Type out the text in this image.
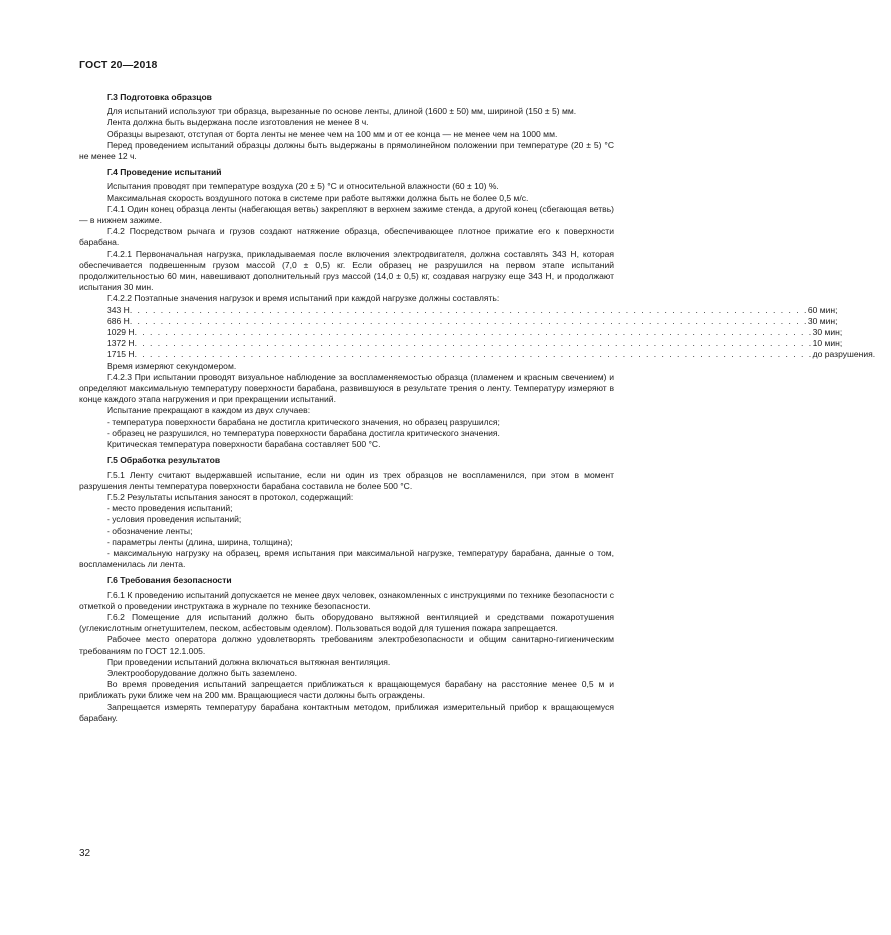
ГОСТ 20—2018
Г.3 Подготовка образцов

Для испытаний используют три образца, вырезанные по основе ленты, длиной (1600 ± 50) мм, шириной (150 ± 5) мм.

Лента должна быть выдержана после изготовления не менее 8 ч.

Образцы вырезают, отступая от борта ленты не менее чем на 100 мм и от ее конца — не менее чем на 1000 мм.

Перед проведением испытаний образцы должны быть выдержаны в прямолинейном положении при температуре (20 ± 5) °С не менее 12 ч.

Г.4 Проведение испытаний

Испытания проводят при температуре воздуха (20 ± 5) °С и относительной влажности (60 ± 10) %.

Максимальная скорость воздушного потока в системе при работе вытяжки должна быть не более 0,5 м/с.

Г.4.1 Один конец образца ленты (набегающая ветвь) закрепляют в верхнем зажиме стенда, а другой конец (сбегающая ветвь) — в нижнем зажиме.

Г.4.2 Посредством рычага и грузов создают натяжение образца, обеспечивающее плотное прижатие его к поверхности барабана.

Г.4.2.1 Первоначальная нагрузка, прикладываемая после включения электродвигателя, должна составлять 343 Н, которая обеспечивается подвешенным грузом массой (7,0 ± 0,5) кг. Если образец не разрушился на первом этапе испытаний продолжительностью 60 мин, навешивают дополнительный груз массой (14,0 ± 0,5) кг, создавая нагрузку еще 343 Н, и продолжают испытания 30 мин.

Г.4.2.2 Поэтапные значения нагрузок и время испытаний при каждой нагрузке должны составлять:

343 Н . . . . . . . . . . . . . . . . . . . . . . . . . . . . . . . . . . . . . . . . . . . . . . . . . . . . . . . . . . . . . . . . . . . . . . . . . . . . . . . . . . . . . . . . 60 мин;
686 Н . . . . . . . . . . . . . . . . . . . . . . . . . . . . . . . . . . . . . . . . . . . . . . . . . . . . . . . . . . . . . . . . . . . . . . . . . . . . . . . . . . . . . . . . 30 мин;
1029 Н . . . . . . . . . . . . . . . . . . . . . . . . . . . . . . . . . . . . . . . . . . . . . . . . . . . . . . . . . . . . . . . . . . . . . . . . . . . . . . . . . . . . . . . . 30 мин;
1372 Н . . . . . . . . . . . . . . . . . . . . . . . . . . . . . . . . . . . . . . . . . . . . . . . . . . . . . . . . . . . . . . . . . . . . . . . . . . . . . . . . . . . . . . . . 10 мин;
1715 Н . . . . . . . . . . . . . . . . . . . . . . . . . . . . . . . . . . . . . . . . . . . . . . . . . . . . . . . . . . . . . . . . . . . . . . . . . . . . . . . . . . . . . . . . до разрушения.

Время измеряют секундомером.

Г.4.2.3 При испытании проводят визуальное наблюдение за воспламеняемостью образца (пламенем и красным свечением) и определяют максимальную температуру поверхности барабана, развившуюся в результате трения о ленту. Температуру измеряют в конце каждого этапа нагружения и при прекращении испытаний.

Испытание прекращают в каждом из двух случаев:

- температура поверхности барабана не достигла критического значения, но образец разрушился;

- образец не разрушился, но температура поверхности барабана достигла критического значения.

Критическая температура поверхности барабана составляет 500 °С.

Г.5 Обработка результатов

Г.5.1 Ленту считают выдержавшей испытание, если ни один из трех образцов не воспламенился, при этом в момент разрушения ленты температура поверхности барабана составила не более 500 °С.

Г.5.2 Результаты испытания заносят в протокол, содержащий:

- место проведения испытаний;

- условия проведения испытаний;

- обозначение ленты;

- параметры ленты (длина, ширина, толщина);

- максимальную нагрузку на образец, время испытания при максимальной нагрузке, температуру барабана, данные о том, воспламенилась ли лента.

Г.6 Требования безопасности

Г.6.1 К проведению испытаний допускается не менее двух человек, ознакомленных с инструкциями по технике безопасности с отметкой о проведении инструктажа в журнале по технике безопасности.

Г.6.2 Помещение для испытаний должно быть оборудовано вытяжной вентиляцией и средствами пожаротушения (углекислотным огнетушителем, песком, асбестовым одеялом). Пользоваться водой для тушения пожара запрещается.

Рабочее место оператора должно удовлетворять требованиям электробезопасности и общим санитарно-гигиеническим требованиям по ГОСТ 12.1.005.

При проведении испытаний должна включаться вытяжная вентиляция.

Электрооборудование должно быть заземлено.

Во время проведения испытаний запрещается приближаться к вращающемуся барабану на расстояние менее 0,5 м и приближать руки ближе чем на 200 мм. Вращающиеся части должны быть ограждены.

Запрещается измерять температуру барабана контактным методом, приближая измерительный прибор к вращающемуся барабану.

32
